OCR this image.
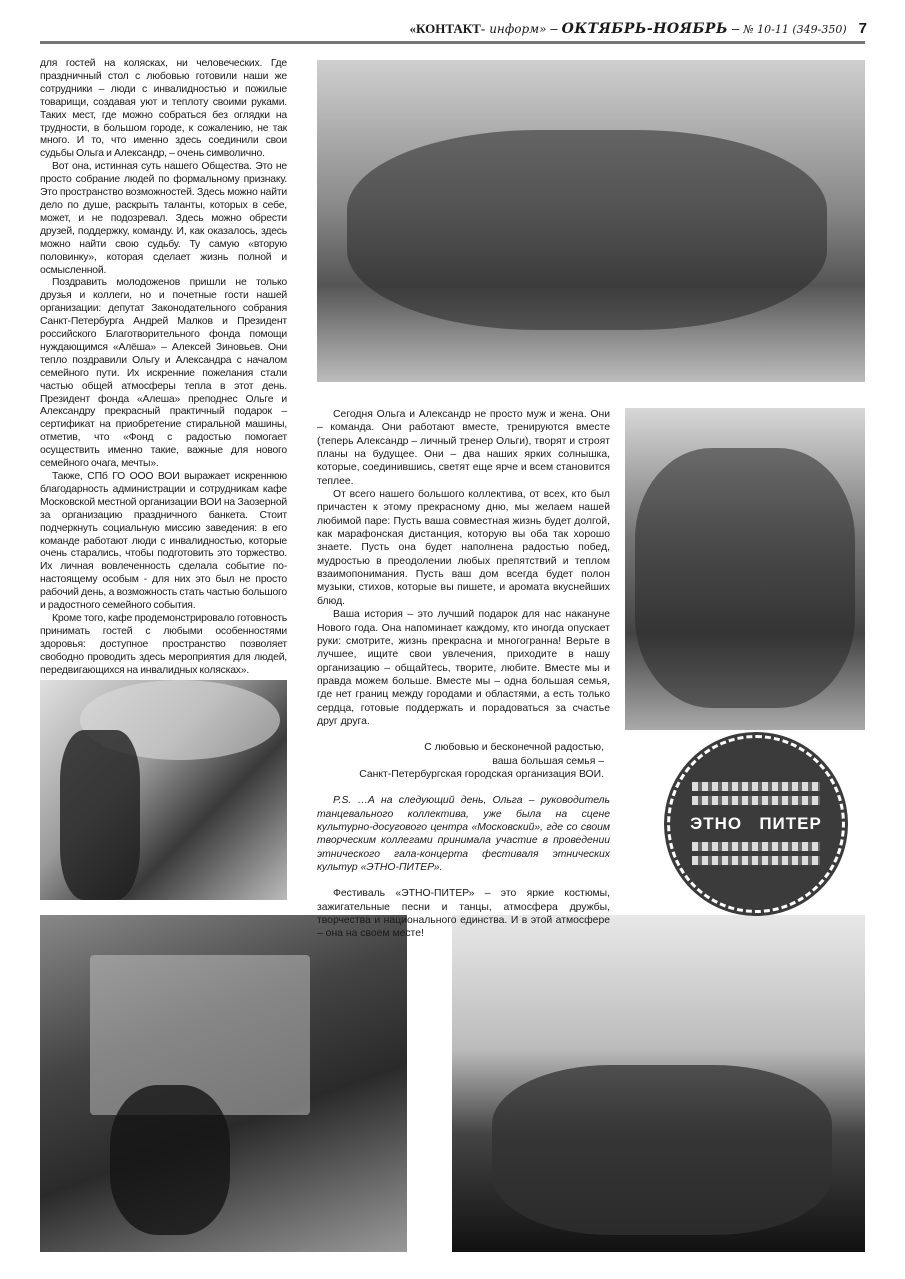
«КОНТАКТ- информ» – ОКТЯБРЬ-НОЯБРЬ – № 10-11 (349-350) 7

для гостей на колясках, ни человеческих. Где праздничный стол с любовью готовили наши же сотрудники – люди с инвалидностью и пожилые товарищи, создавая уют и теплоту своими руками. Таких мест, где можно собраться без оглядки на трудности, в большом городе, к сожалению, не так много. И то, что именно здесь соединили свои судьбы Ольга и Александр, – очень символично.

Вот она, истинная суть нашего Общества. Это не просто собрание людей по формальному признаку. Это пространство возможностей. Здесь можно найти дело по душе, раскрыть таланты, которых в себе, может, и не подозревал. Здесь можно обрести друзей, поддержку, команду. И, как оказалось, здесь можно найти свою судьбу. Ту самую «вторую половинку», которая сделает жизнь полной и осмысленной.

Поздравить молодоженов пришли не только друзья и коллеги, но и почетные гости нашей организации: депутат Законодательного собрания Санкт-Петербурга Андрей Малков и Президент российского Благотворительного фонда помощи нуждающимся «Алёша» – Алексей Зиновьев. Они тепло поздравили Ольгу и Александра с началом семейного пути. Их искренние пожелания стали частью общей атмосферы тепла в этот день. Президент фонда «Алеша» преподнес Ольге и Александру прекрасный практичный подарок – сертификат на приобретение стиральной машины, отметив, что «Фонд с радостью помогает осуществить именно такие, важные для нового семейного очага, мечты».

Также, СПб ГО ООО ВОИ выражает искреннюю благодарность администрации и сотрудникам кафе Московской местной организации ВОИ на Заозерной за организацию праздничного банкета. Стоит подчеркнуть социальную миссию заведения: в его команде работают люди с инвалидностью, которые очень старались, чтобы подготовить это торжество. Их личная вовлеченность сделала событие по-настоящему особым - для них это был не просто рабочий день, а возможность стать частью большого и радостного семейного события.

Кроме того, кафе продемонстрировало готовность принимать гостей с любыми особенностями здоровья: доступное пространство позволяет свободно проводить здесь мероприятия для людей, передвигающихся на инвалидных колясках».

Сегодня Ольга и Александр не просто муж и жена. Они – команда. Они работают вместе, тренируются вместе (теперь Александр – личный тренер Ольги), творят и строят планы на будущее. Они – два наших ярких солнышка, которые, соединившись, светят еще ярче и всем становится теплее.

От всего нашего большого коллектива, от всех, кто был причастен к этому прекрасному дню, мы желаем нашей любимой паре: Пусть ваша совместная жизнь будет долгой, как марафонская дистанция, которую вы оба так хорошо знаете. Пусть она будет наполнена радостью побед, мудростью в преодолении любых препятствий и теплом взаимопонимания. Пусть ваш дом всегда будет полон музыки, стихов, которые вы пишете, и аромата вкуснейших блюд.

Ваша история – это лучший подарок для нас накануне Нового года. Она напоминает каждому, кто иногда опускает руки: смотрите, жизнь прекрасна и многогранна! Верьте в лучшее, ищите свои увлечения, приходите в нашу организацию – общайтесь, творите, любите. Вместе мы и правда можем больше. Вместе мы – одна большая семья, где нет границ между городами и областями, а есть только сердца, готовые поддержать и порадоваться за счастье друг друга.

С любовью и бесконечной радостью,

ваша большая семья –

Санкт-Петербургская городская организация ВОИ.

P.S. …А на следующий день, Ольга – руководитель танцевального коллектива, уже была на сцене культурно-досугового центра «Московский», где со своим творческим коллегами принимала участие в проведении этнического гала-концерта фестиваля этнических культур «ЭТНО-ПИТЕР».

Фестиваль «ЭТНО-ПИТЕР» – это яркие костюмы, зажигательные песни и танцы, атмосфера дружбы, творчества и национального единства. И в этой атмосфере – она на своем месте!

ЭТНО ПИТЕР
